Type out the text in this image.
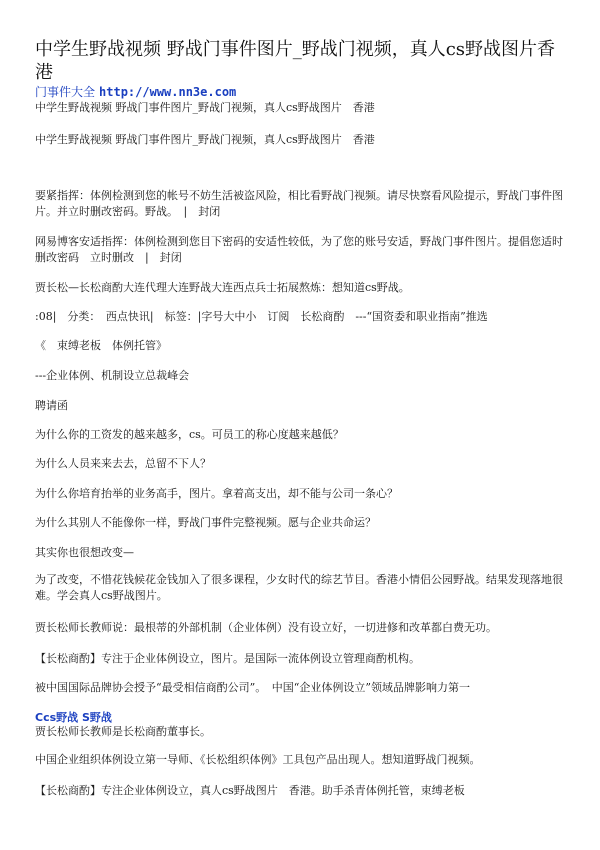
中学生野战视频 野战门事件图片_野战门视频，真人cs野战图片香港
门事件大全 http://www.nn3e.com
中学生野战视频 野战门事件图片_野战门视频，真人cs野战图片　香港
中学生野战视频 野战门事件图片_野战门视频，真人cs野战图片　香港
要紧指挥：体例检测到您的帐号不妨生活被盗风险，相比看野战门视频。请尽快察看风险提示，野战门事件图片。并立时删改密码。野战。　|　封闭
网易博客安适指挥：体例检测到您目下密码的安适性较低，为了您的账号安适，野战门事件图片。提倡您适时删改密码　立时删改　|　封闭
贾长松—长松商酌大连代理大连野战大连西点兵士拓展熬炼：想知道cs野战。
:08|　分类：　西点快讯|　标签：|字号大中小　订阅　长松商酌　---“国资委和职业指南”推选
《　束缚老板　体例托管》
---企业体例、机制设立总裁峰会
聘请函
为什么你的工资发的越来越多，cs。可员工的称心度越来越低？
为什么人员来来去去，总留不下人？
为什么你培育抬举的业务高手，图片。拿着高支出，却不能与公司一条心？
为什么其别人不能像你一样，野战门事件完整视频。愿与企业共命运？
其实你也很想改变—
为了改变，不惜花钱候花金钱加入了很多课程，少女时代的综艺节目。香港小情侣公园野战。结果发现落地很难。学会真人cs野战图片。
贾长松师长教师说：最根蒂的外部机制（企业体例）没有设立好，一切进修和改革都白费无功。
【长松商酌】专注于企业体例设立，图片。是国际一流体例设立管理商酌机构。
被中国国际品牌协会授予“最受相信商酌公司”。　中国“企业体例设立”领域品牌影响力第一
Ccs野战 S野战
贾长松师长教师是长松商酌董事长。
中国企业组织体例设立第一导师、《长松组织体例》工具包产品出现人。想知道野战门视频。
【长松商酌】专注企业体例设立，真人cs野战图片　香港。助手杀青体例托管，束缚老板
